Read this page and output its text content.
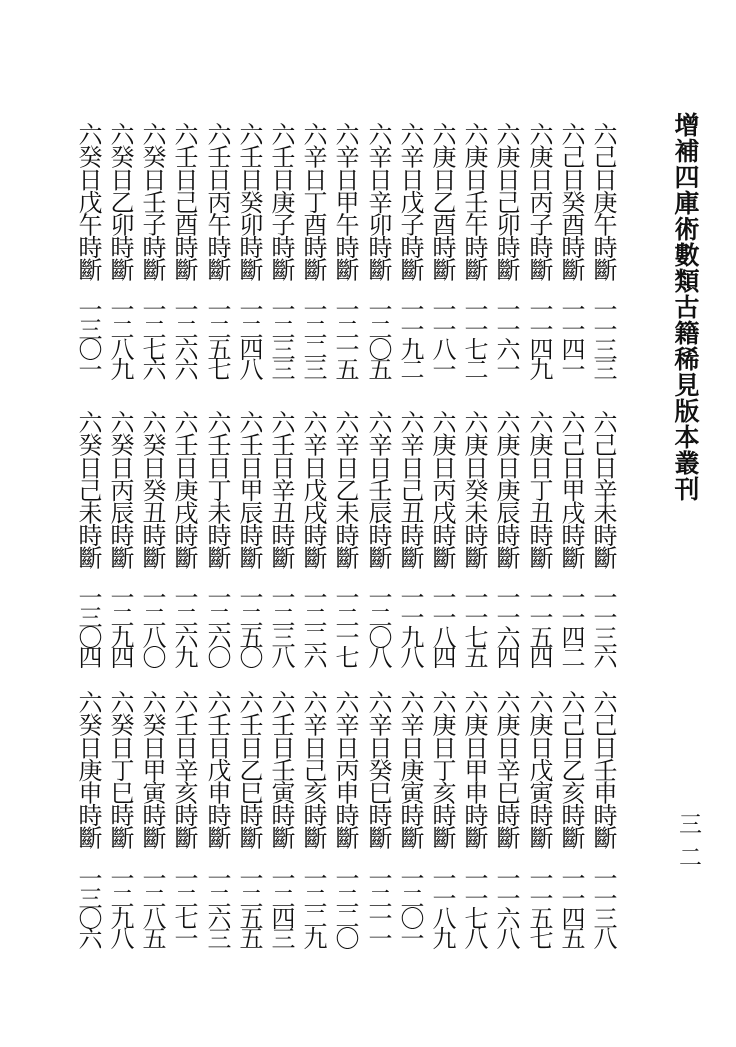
增補四庫術數類古籍稀見版本叢刊
三二
六己日庚午時斷
一一三三
六己日辛未時斷
一一三六
六己日壬申時斷
一一三八
六己日癸酉時斷
一一四一
六己日甲戌時斷
一一四二
六己日乙亥時斷
一一四五
六庚日丙子時斷
一一四九
六庚日丁丑時斷
一一五四
六庚日戊寅時斷
一一五七
六庚日己卯時斷
一一六一
六庚日庚辰時斷
一一六四
六庚日辛巳時斷
一一六八
六庚日壬午時斷
一一七二
六庚日癸未時斷
一一七五
六庚日甲申時斷
一一七八
六庚日乙酉時斷
一一八一
六庚日丙戌時斷
一一八四
六庚日丁亥時斷
一一八九
六辛日戊子時斷
一一九二
六辛日己丑時斷
一一九八
六辛日庚寅時斷
一二〇一
六辛日辛卯時斷
一二〇五
六辛日壬辰時斷
一二〇八
六辛日癸巳時斷
一二一一
六辛日甲午時斷
一二一五
六辛日乙未時斷
一二一七
六辛日丙申時斷
一二二〇
六辛日丁酉時斷
一二二三
六辛日戊戌時斷
一二二六
六辛日己亥時斷
一二二九
六壬日庚子時斷
一二三三
六壬日辛丑時斷
一二三八
六壬日壬寅時斷
一二四三
六壬日癸卯時斷
一二四八
六壬日甲辰時斷
一二五〇
六壬日乙巳時斷
一二五五
六壬日丙午時斷
一二五七
六壬日丁未時斷
一二六〇
六壬日戊申時斷
一二六三
六壬日己酉時斷
一二六六
六壬日庚戌時斷
一二六九
六壬日辛亥時斷
一二七一
六癸日壬子時斷
一二七六
六癸日癸丑時斷
一二八〇
六癸日甲寅時斷
一二八五
六癸日乙卯時斷
一二八九
六癸日丙辰時斷
一二九四
六癸日丁巳時斷
一二九八
六癸日戊午時斷
一三〇一
六癸日己未時斷
一三〇四
六癸日庚申時斷
一三〇六
